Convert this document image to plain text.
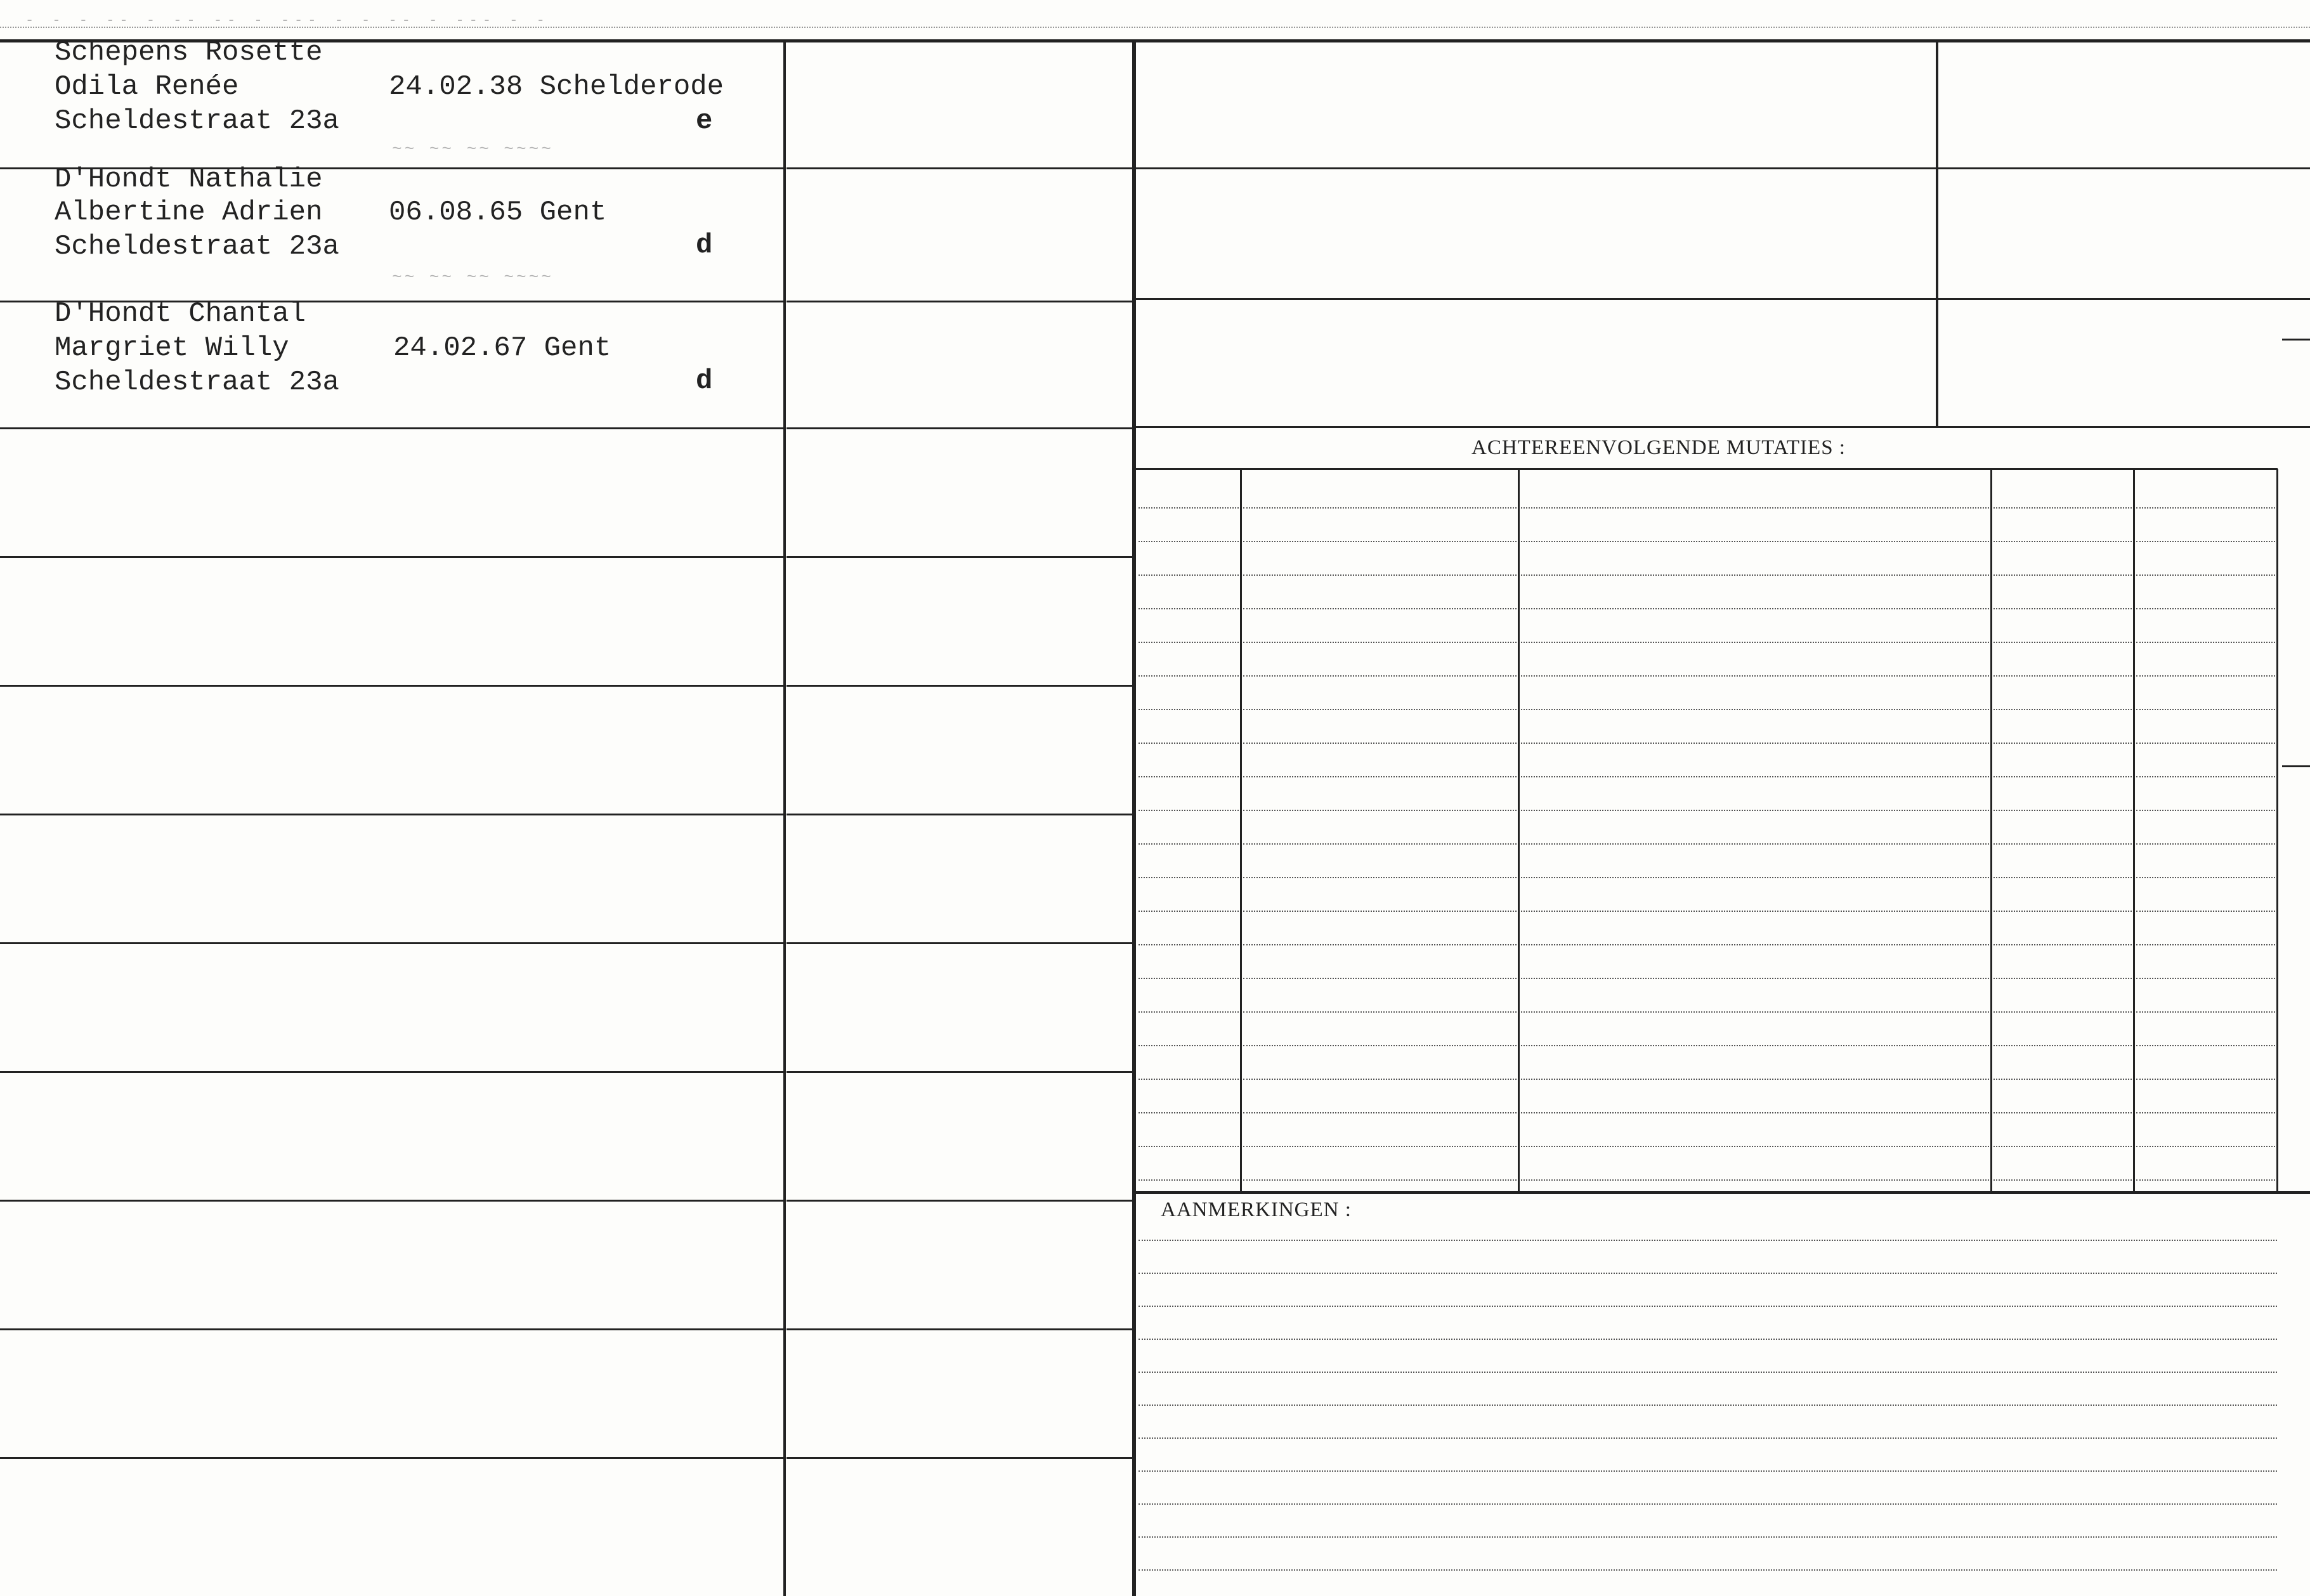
Schepens Rosette
Odila Renée
Scheldestraat 23a
24.02.38 Schelderode
e
D'Hondt Nathalie
Albertine Adrien
Scheldestraat 23a
06.08.65 Gent
d
D'Hondt Chantal
Margriet Willy
Scheldestraat 23a
24.02.67 Gent
d
ACHTEREENVOLGENDE MUTATIES :
AANMERKINGEN :
~~ ~~ ~~ ~~~~
~~ ~~ ~~ ~~~~
- - - -- - -- -- - --- - - -- - --- - -
